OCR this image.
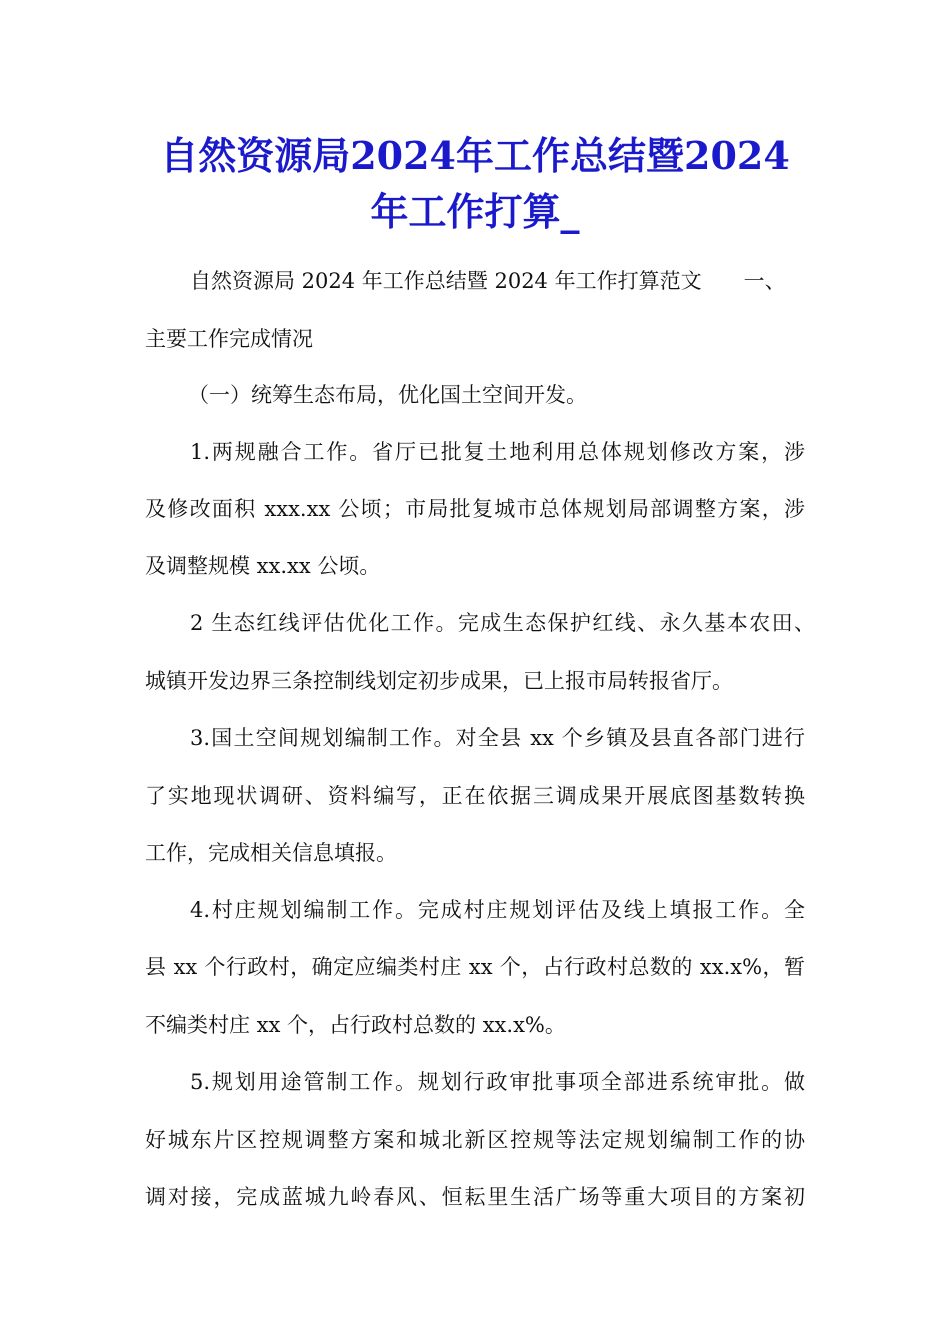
自然资源局2024年工作总结暨2024
年工作打算_
自然资源局 2024 年工作总结暨 2024 年工作打算范文　　一、
主要工作完成情况
（一）统筹生态布局，优化国土空间开发。
1.两规融合工作。省厅已批复土地利用总体规划修改方案，涉
及修改面积 xxx.xx 公顷；市局批复城市总体规划局部调整方案，涉
及调整规模 xx.xx 公顷。
2 生态红线评估优化工作。完成生态保护红线、永久基本农田、
城镇开发边界三条控制线划定初步成果，已上报市局转报省厅。
3.国土空间规划编制工作。对全县 xx 个乡镇及县直各部门进行
了实地现状调研、资料编写，正在依据三调成果开展底图基数转换
工作，完成相关信息填报。
4.村庄规划编制工作。完成村庄规划评估及线上填报工作。全
县 xx 个行政村，确定应编类村庄 xx 个，占行政村总数的 xx.x%，暂
不编类村庄 xx 个，占行政村总数的 xx.x%。
5.规划用途管制工作。规划行政审批事项全部进系统审批。做
好城东片区控规调整方案和城北新区控规等法定规划编制工作的协
调对接，完成蓝城九岭春风、恒耘里生活广场等重大项目的方案初
